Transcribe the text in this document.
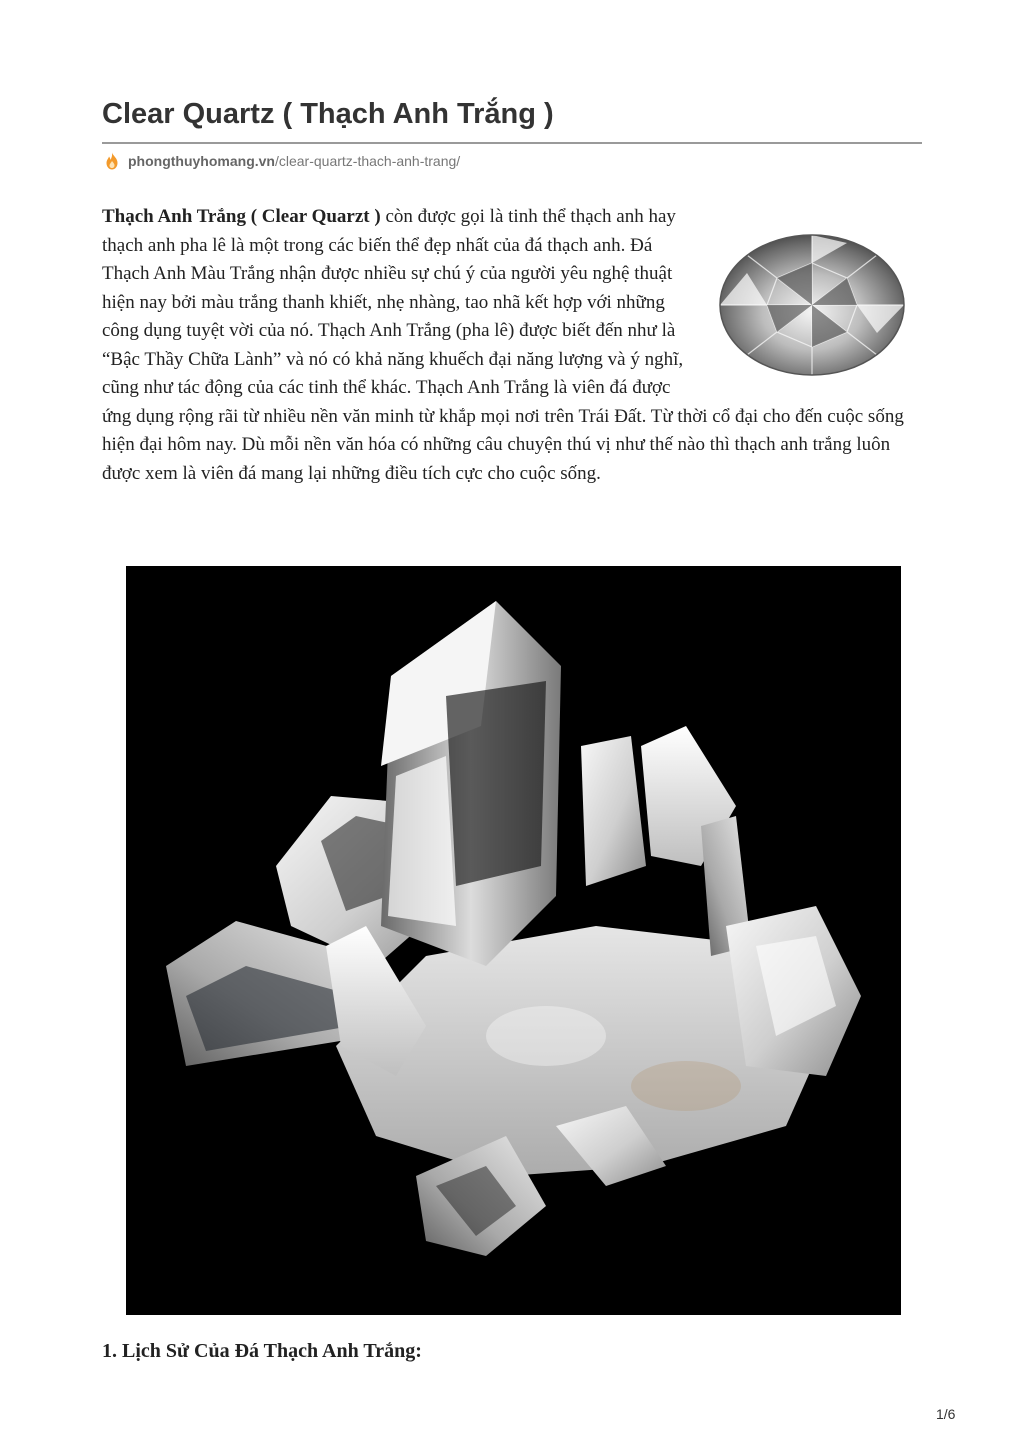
Clear Quartz ( Thạch Anh Trắng )
phongthuyhomang.vn /clear-quartz-thach-anh-trang/

Thạch Anh Trắng ( Clear Quarzt ) còn được gọi là tinh thể thạch anh hay thạch anh pha lê là một trong các biến thể đẹp nhất của đá thạch anh. Đá Thạch Anh Màu Trắng nhận được nhiều sự chú ý của người yêu nghệ thuật hiện nay bởi màu trắng thanh khiết, nhẹ nhàng, tao nhã kết hợp với những công dụng tuyệt vời của nó. Thạch Anh Trắng (pha lê) được biết đến như là “Bậc Thầy Chữa Lành” và nó có khả năng khuếch đại năng lượng và ý nghĩ, cũng như tác động của các tinh thể khác. Thạch Anh Trắng là viên đá được ứng dụng rộng rãi từ nhiều nền văn minh từ khắp mọi nơi trên Trái Đất. Từ thời cổ đại cho đến cuộc sống hiện đại hôm nay. Dù mỗi nền văn hóa có những câu chuyện thú vị như thế nào thì thạch anh trắng luôn được xem là viên đá mang lại những điều tích cực cho cuộc sống.

1. Lịch Sử Của Đá Thạch Anh Trắng:
1/6
